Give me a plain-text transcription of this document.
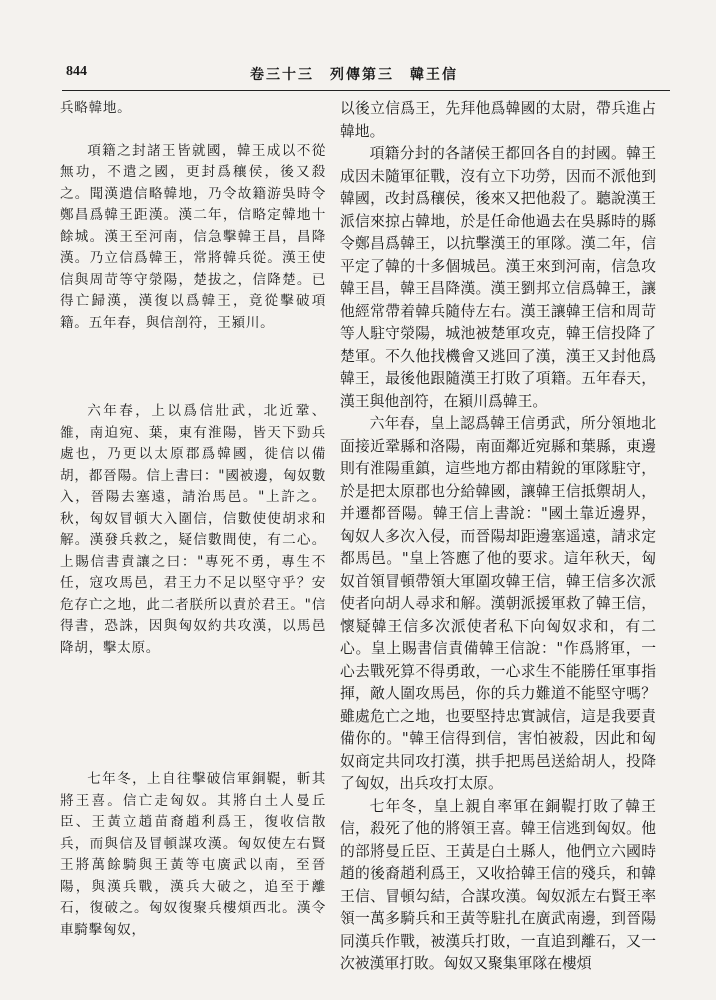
844	卷三十三　列傳第三　韓王信

兵略韓地。

項籍之封諸王皆就國，韓王成以不從無功，不遣之國，更封爲穰侯，後又殺之。聞漢遣信略韓地，乃令故籍游吳時令鄭昌爲韓王距漢。漢二年，信略定韓地十餘城。漢王至河南，信急擊韓王昌，昌降漢。乃立信爲韓王，常將韓兵從。漢王使信與周苛等守滎陽，楚拔之，信降楚。已得亡歸漢，漢復以爲韓王，竟從擊破項籍。五年春，與信剖符，王潁川。

六年春，上以爲信壯武，北近鞏、雒，南迫宛、葉，東有淮陽，皆天下勁兵處也，乃更以太原郡爲韓國，徙信以備胡，都晉陽。信上書曰："國被邊，匈奴數入，晉陽去塞遠，請治馬邑。"上許之。秋，匈奴冒頓大入圍信，信數使使胡求和解。漢發兵救之，疑信數間使，有二心。上賜信書責讓之曰："專死不勇，專生不任，寇攻馬邑，君王力不足以堅守乎？安危存亡之地，此二者朕所以責於君王。"信得書，恐誅，因與匈奴約共攻漢，以馬邑降胡，擊太原。

七年冬，上自往擊破信軍銅鞮，斬其將王喜。信亡走匈奴。其將白土人曼丘臣、王黃立趙苗裔趙利爲王，復收信散兵，而與信及冒頓謀攻漢。匈奴使左右賢王將萬餘騎與王黃等屯廣武以南，至晉陽，與漢兵戰，漢兵大破之，追至于離石，復破之。匈奴復聚兵樓煩西北。漢令車騎擊匈奴，

以後立信爲王，先拜他爲韓國的太尉，帶兵進占韓地。

項籍分封的各諸侯王都回各自的封國。韓王成因未隨軍征戰，沒有立下功勞，因而不派他到韓國，改封爲穰侯，後來又把他殺了。聽說漢王派信來掠占韓地，於是任命他過去在吳縣時的縣令鄭昌爲韓王，以抗擊漢王的軍隊。漢二年，信平定了韓的十多個城邑。漢王來到河南，信急攻韓王昌，韓王昌降漢。漢王劉邦立信爲韓王，讓他經常帶着韓兵隨侍左右。漢王讓韓王信和周苛等人駐守滎陽，城池被楚軍攻克，韓王信投降了楚軍。不久他找機會又逃回了漢，漢王又封他爲韓王，最後他跟隨漢王打敗了項籍。五年春天，漢王與他剖符，在潁川爲韓王。

六年春，皇上認爲韓王信勇武，所分領地北面接近鞏縣和洛陽，南面鄰近宛縣和葉縣，東邊則有淮陽重鎮，這些地方都由精銳的軍隊駐守，於是把太原郡也分給韓國，讓韓王信抵禦胡人，并遷都晉陽。韓王信上書說："國土靠近邊界，匈奴人多次入侵，而晉陽却距邊塞遥遠，請求定都馬邑。"皇上答應了他的要求。這年秋天，匈奴首領冒頓帶領大軍圍攻韓王信，韓王信多次派使者向胡人尋求和解。漢朝派援軍救了韓王信，懷疑韓王信多次派使者私下向匈奴求和，有二心。皇上賜書信責備韓王信說："作爲將軍，一心去戰死算不得勇敢，一心求生不能勝任軍事指揮，敵人圍攻馬邑，你的兵力難道不能堅守嗎？雖處危亡之地，也要堅持忠實誠信，這是我要責備你的。"韓王信得到信，害怕被殺，因此和匈奴商定共同攻打漢，拱手把馬邑送給胡人，投降了匈奴，出兵攻打太原。

七年冬，皇上親自率軍在銅鞮打敗了韓王信，殺死了他的將領王喜。韓王信逃到匈奴。他的部將曼丘臣、王黃是白土縣人，他們立六國時趙的後裔趙利爲王，又收拾韓王信的殘兵，和韓王信、冒頓勾結，合謀攻漢。匈奴派左右賢王率領一萬多騎兵和王黃等駐扎在廣武南邊，到晉陽同漢兵作戰，被漢兵打敗，一直追到離石，又一次被漢軍打敗。匈奴又聚集軍隊在樓煩
